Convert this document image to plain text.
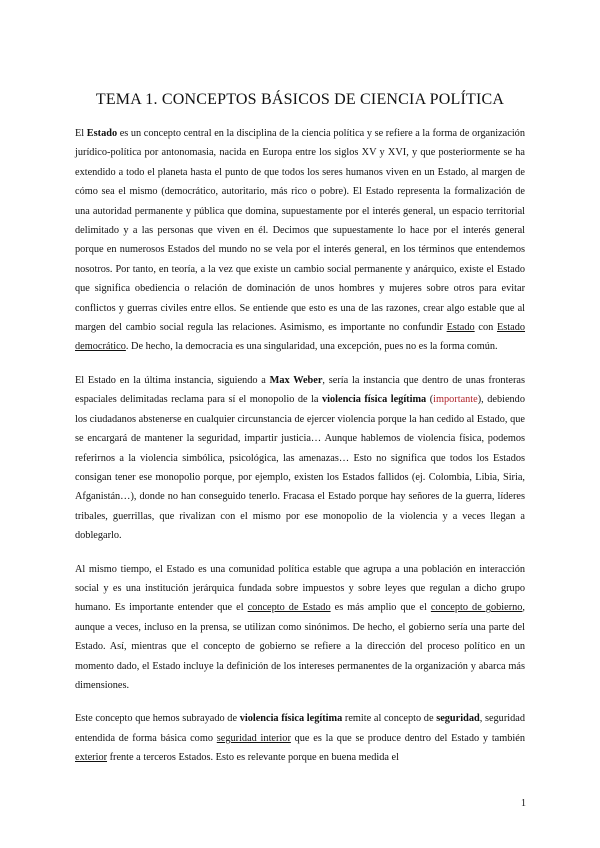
TEMA 1. CONCEPTOS BÁSICOS DE CIENCIA POLÍTICA

El Estado es un concepto central en la disciplina de la ciencia política y se refiere a la forma de organización jurídico-política por antonomasia, nacida en Europa entre los siglos XV y XVI, y que posteriormente se ha extendido a todo el planeta hasta el punto de que todos los seres humanos viven en un Estado, al margen de cómo sea el mismo (democrático, autoritario, más rico o pobre). El Estado representa la formalización de una autoridad permanente y pública que domina, supuestamente por el interés general, un espacio territorial delimitado y a las personas que viven en él. Decimos que supuestamente lo hace por el interés general porque en numerosos Estados del mundo no se vela por el interés general, en los términos que entendemos nosotros. Por tanto, en teoría, a la vez que existe un cambio social permanente y anárquico, existe el Estado que significa obediencia o relación de dominación de unos hombres y mujeres sobre otros para evitar conflictos y guerras civiles entre ellos. Se entiende que esto es una de las razones, crear algo estable que al margen del cambio social regula las relaciones. Asimismo, es importante no confundir Estado con Estado democrático. De hecho, la democracia es una singularidad, una excepción, pues no es la forma común.

El Estado en la última instancia, siguiendo a Max Weber, sería la instancia que dentro de unas fronteras espaciales delimitadas reclama para sí el monopolio de la violencia física legítima (importante), debiendo los ciudadanos abstenerse en cualquier circunstancia de ejercer violencia porque la han cedido al Estado, que se encargará de mantener la seguridad, impartir justicia… Aunque hablemos de violencia física, podemos referirnos a la violencia simbólica, psicológica, las amenazas… Esto no significa que todos los Estados consigan tener ese monopolio porque, por ejemplo, existen los Estados fallidos (ej. Colombia, Libia, Siria, Afganistán…), donde no han conseguido tenerlo. Fracasa el Estado porque hay señores de la guerra, líderes tribales, guerrillas, que rivalizan con el mismo por ese monopolio de la violencia y a veces llegan a doblegarlo.

Al mismo tiempo, el Estado es una comunidad política estable que agrupa a una población en interacción social y es una institución jerárquica fundada sobre impuestos y sobre leyes que regulan a dicho grupo humano. Es importante entender que el concepto de Estado es más amplio que el concepto de gobierno, aunque a veces, incluso en la prensa, se utilizan como sinónimos. De hecho, el gobierno sería una parte del Estado. Así, mientras que el concepto de gobierno se refiere a la dirección del proceso político en un momento dado, el Estado incluye la definición de los intereses permanentes de la organización y abarca más dimensiones.

Este concepto que hemos subrayado de violencia física legítima remite al concepto de seguridad, seguridad entendida de forma básica como seguridad interior que es la que se produce dentro del Estado y también exterior frente a terceros Estados. Esto es relevante porque en buena medida el

1
